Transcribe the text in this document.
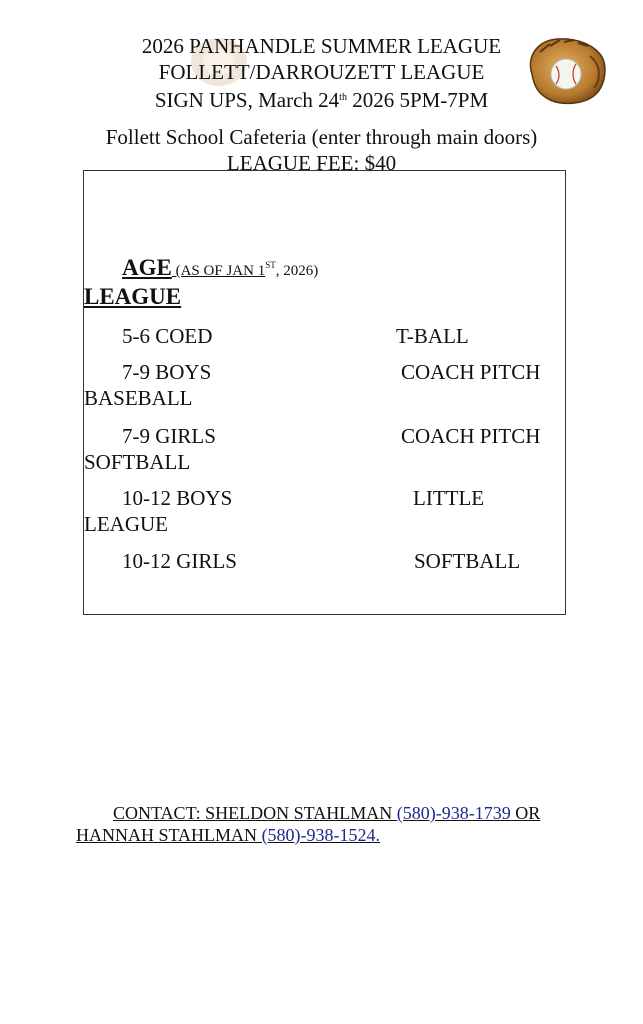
2026 PANHANDLE SUMMER LEAGUE
FOLLETT/DARROUZETT LEAGUE
SIGN UPS, March 24th 2026 5PM-7PM
Follett School Cafeteria (enter through main doors)
LEAGUE FEE: $40
AGE (AS OF JAN 1ST, 2026)
LEAGUE
5-6 COED	T-BALL
7-9 BOYS	COACH PITCH
BASEBALL
7-9 GIRLS	COACH PITCH
SOFTBALL
10-12 BOYS	LITTLE
LEAGUE
10-12 GIRLS	SOFTBALL
CONTACT: SHELDON STAHLMAN (580)-938-1739 OR
HANNAH STAHLMAN (580)-938-1524.
